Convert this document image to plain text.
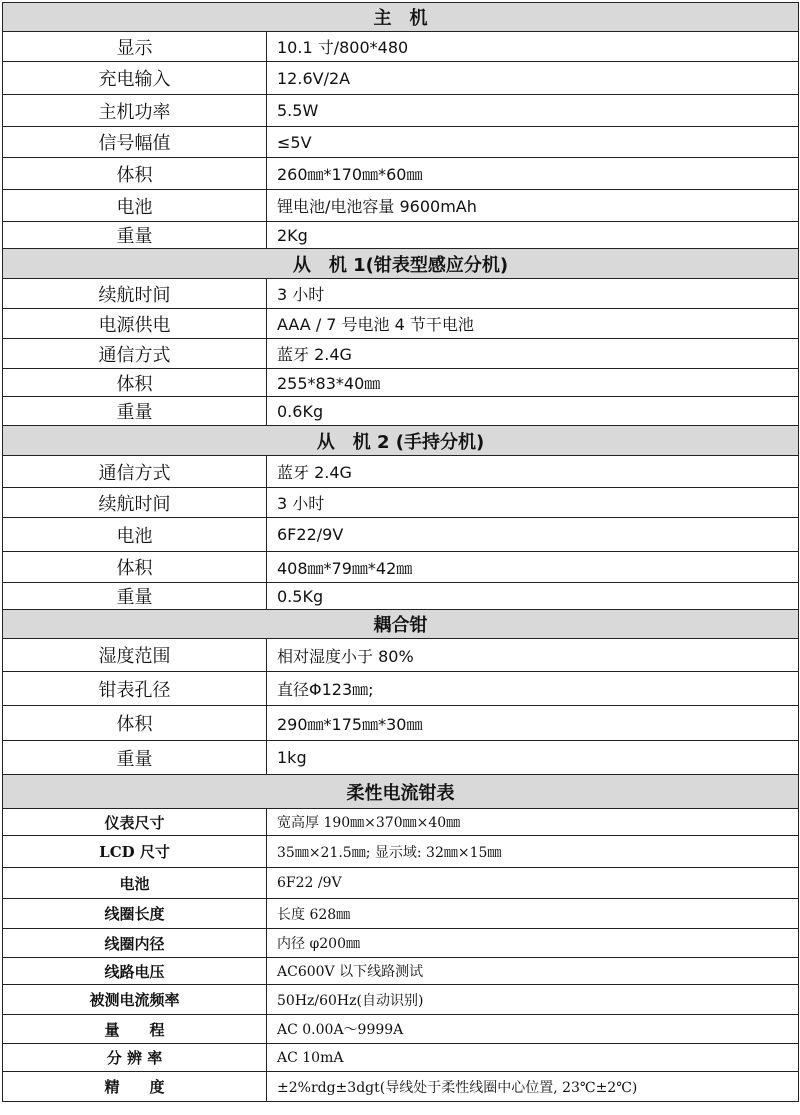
主　机	
显示	10.1 寸/800*480
充电输入	12.6V/2A
主机功率	5.5W
信号幅值	≤5V
体积	260㎜*170㎜*60㎜
电池	锂电池/电池容量 9600mAh
重量	2Kg
从　机 1(钳表型感应分机)	
续航时间	3 小时
电源供电	AAA / 7 号电池 4 节干电池
通信方式	蓝牙 2.4G
体积	255*83*40㎜
重量	0.6Kg
从　机 2 (手持分机)	
通信方式	蓝牙 2.4G
续航时间	3 小时
电池	6F22/9V
体积	408㎜*79㎜*42㎜
重量	0.5Kg
耦合钳	
湿度范围	相对湿度小于 80%
钳表孔径	直径Φ123㎜;
体积	290㎜*175㎜*30㎜
重量	1kg
柔性电流钳表	
仪表尺寸	宽高厚 190㎜×370㎜×40㎜
LCD 尺寸	35㎜×21.5㎜; 显示域: 32㎜×15㎜
电池	6F22 /9V
线圈长度	长度 628㎜
线圈内径	内径 φ200㎜
线路电压	AC600V 以下线路测试
被测电流频率	50Hz/60Hz(自动识别)
量　　程	AC 0.00A～9999A
分 辨 率	AC 10mA
精　　度	±2%rdg±3dgt(导线处于柔性线圈中心位置, 23℃±2℃)
